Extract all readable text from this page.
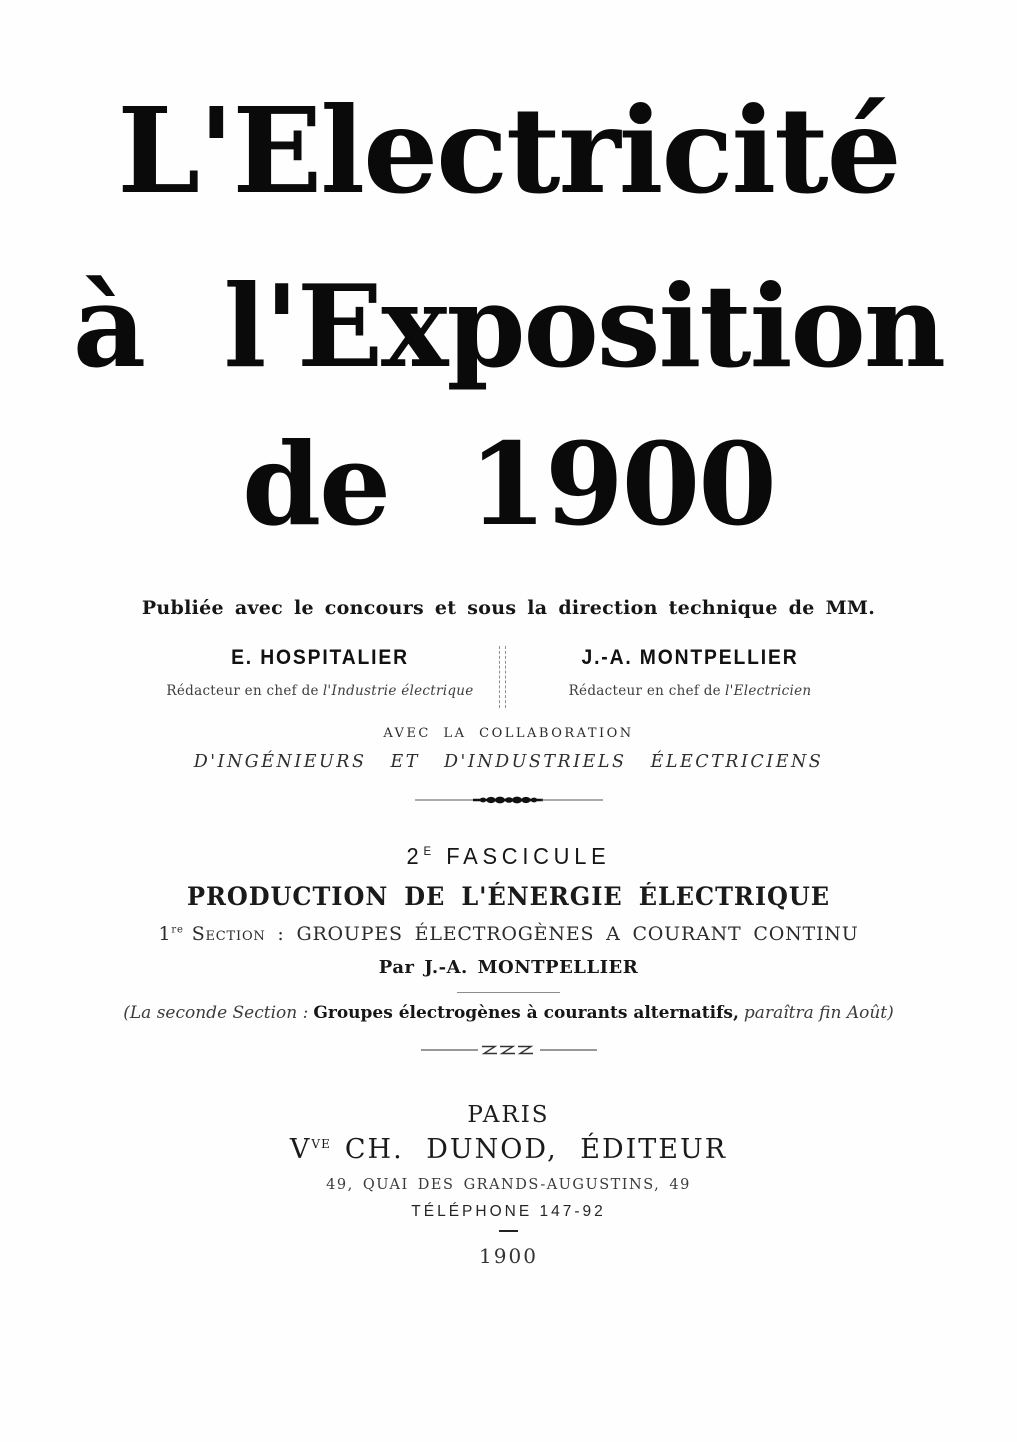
L'Electricité
à l'Exposition
de 1900
Publiée avec le concours et sous la direction technique de MM.
E. HOSPITALIER
Rédacteur en chef de l'Industrie électrique
J.-A. MONTPELLIER
Rédacteur en chef de l'Electricien
AVEC LA COLLABORATION
D'INGÉNIEURS ET D'INDUSTRIELS ÉLECTRICIENS
$2^E$ FASCICULE
PRODUCTION DE L'ÉNERGIE ÉLECTRIQUE
1re Section : GROUPES ÉLECTROGÈNES A COURANT CONTINU
Par J.-A. MONTPELLIER
(La seconde Section : Groupes électrogènes à courants alternatifs, paraîtra fin Août)
PARIS
$V^{VE}$ CH. DUNOD, ÉDITEUR
49, QUAI DES GRANDS-AUGUSTINS, 49
TÉLÉPHONE 147-92
1900
